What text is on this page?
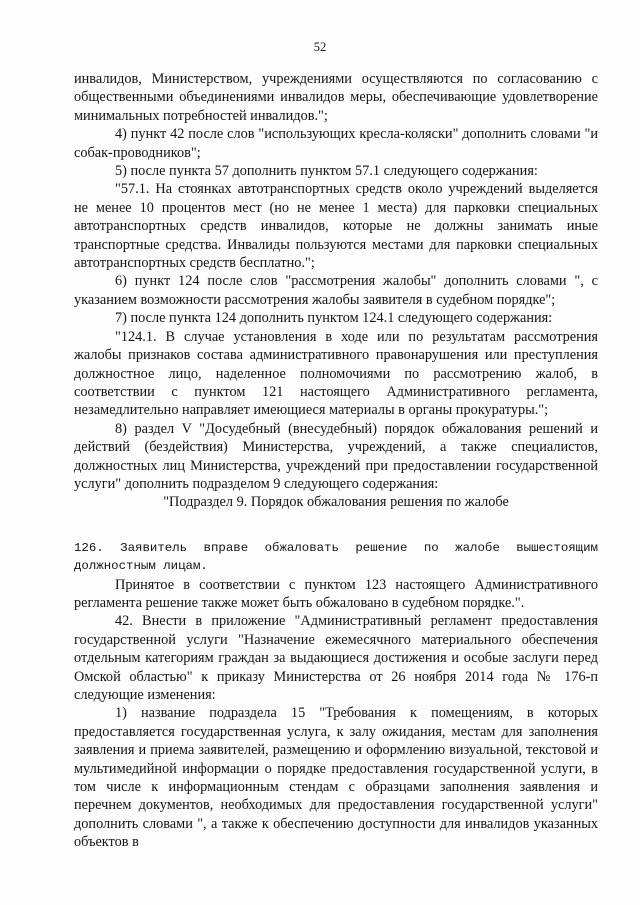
52

инвалидов, Министерством, учреждениями осуществляются по согласованию с общественными объединениями инвалидов меры, обеспечивающие удовлетворение минимальных потребностей инвалидов.";

4) пункт 42 после слов "использующих кресла-коляски" дополнить словами "и собак-проводников";

5) после пункта 57 дополнить пунктом 57.1 следующего содержания:

"57.1. На стоянках автотранспортных средств около учреждений выделяется не менее 10 процентов мест (но не менее 1 места) для парковки специальных автотранспортных средств инвалидов, которые не должны занимать иные транспортные средства. Инвалиды пользуются местами для парковки специальных автотранспортных средств бесплатно.";

6) пункт 124 после слов "рассмотрения жалобы" дополнить словами ", с указанием возможности рассмотрения жалобы заявителя в судебном порядке";

7) после пункта 124 дополнить пунктом 124.1 следующего содержания:

"124.1. В случае установления в ходе или по результатам рассмотрения жалобы признаков состава административного правонарушения или преступления должностное лицо, наделенное полномочиями по рассмотрению жалоб, в соответствии с пунктом 121 настоящего Административного регламента, незамедлительно направляет имеющиеся материалы в органы прокуратуры.";

8) раздел V "Досудебный (внесудебный) порядок обжалования решений и действий (бездействия) Министерства, учреждений, а также специалистов, должностных лиц Министерства, учреждений при предоставлении государственной услуги" дополнить подразделом 9 следующего содержания:

"Подраздел 9. Порядок обжалования решения по жалобе

126. Заявитель вправе обжаловать решение по жалобе вышестоящим должностным лицам.

Принятое в соответствии с пунктом 123 настоящего Административного регламента решение также может быть обжаловано в судебном порядке.".

42. Внести в приложение "Административный регламент предоставления государственной услуги "Назначение ежемесячного материального обеспечения отдельным категориям граждан за выдающиеся достижения и особые заслуги перед Омской областью" к приказу Министерства от 26 ноября 2014 года № 176-п следующие изменения:

1) название подраздела 15 "Требования к помещениям, в которых предоставляется государственная услуга, к залу ожидания, местам для заполнения заявления и приема заявителей, размещению и оформлению визуальной, текстовой и мультимедийной информации о порядке предоставления государственной услуги, в том числе к информационным стендам с образцами заполнения заявления и перечнем документов, необходимых для предоставления государственной услуги" дополнить словами ", а также к обеспечению доступности для инвалидов указанных объектов в
